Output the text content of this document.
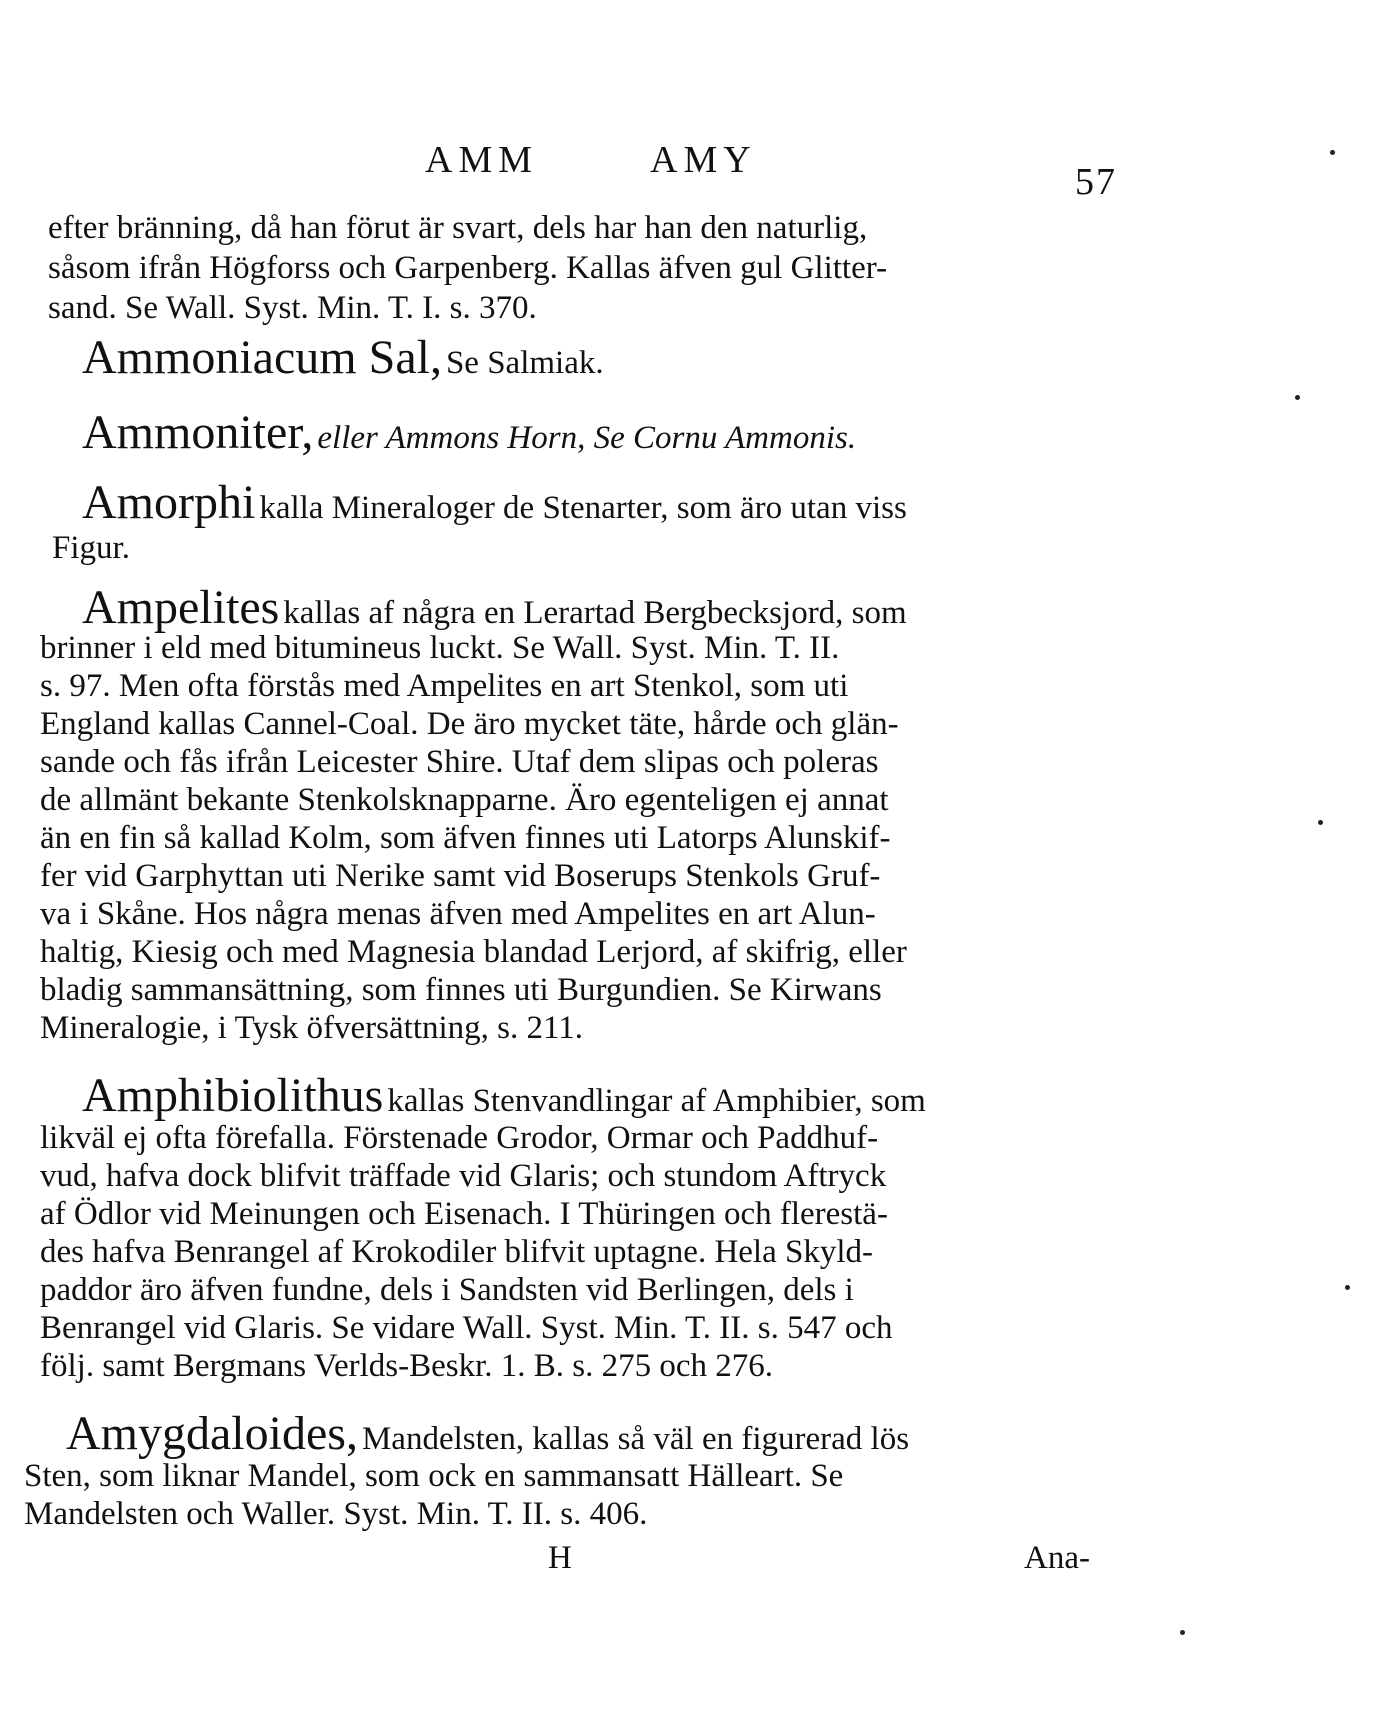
AMM	AMY
57
efter bränning, då han förut är svart, dels har han den naturlig,
såsom ifrån Högforss och Garpenberg. Kallas äfven gul Glitter-
sand. Se Wall. Syst. Min. T. I. s. 370.
Ammoniacum Sal, Se Salmiak.
Ammoniter, eller Ammons Horn, Se Cornu Ammonis.
Amorphi kalla Mineraloger de Stenarter, som äro utan viss
Figur.
Ampelites kallas af några en Lerartad Bergbecksjord, som
brinner i eld med bitumineus luckt. Se Wall. Syst. Min. T. II.
s. 97. Men ofta förstås med Ampelites en art Stenkol, som uti
England kallas Cannel-Coal. De äro mycket täte, hårde och glän-
sande och fås ifrån Leicester Shire. Utaf dem slipas och poleras
de allmänt bekante Stenkolsknapparne. Äro egenteligen ej annat
än en fin så kallad Kolm, som äfven finnes uti Latorps Alunskif-
fer vid Garphyttan uti Nerike samt vid Boserups Stenkols Gruf-
va i Skåne. Hos några menas äfven med Ampelites en art Alun-
haltig, Kiesig och med Magnesia blandad Lerjord, af skifrig, eller
bladig sammansättning, som finnes uti Burgundien. Se Kirwans
Mineralogie, i Tysk öfversättning, s. 211.
Amphibiolithus kallas Stenvandlingar af Amphibier, som
likväl ej ofta förefalla. Förstenade Grodor, Ormar och Paddhuf-
vud, hafva dock blifvit träffade vid Glaris; och stundom Aftryck
af Ödlor vid Meinungen och Eisenach. I Thüringen och flerestä-
des hafva Benrangel af Krokodiler blifvit uptagne. Hela Skyld-
paddor äro äfven fundne, dels i Sandsten vid Berlingen, dels i
Benrangel vid Glaris. Se vidare Wall. Syst. Min. T. II. s. 547 och
följ. samt Bergmans Verlds-Beskr. 1. B. s. 275 och 276.
Amygdaloides, Mandelsten, kallas så väl en figurerad lös
Sten, som liknar Mandel, som ock en sammansatt Hälleart. Se
Mandelsten och Waller. Syst. Min. T. II. s. 406.
H	Ana-
